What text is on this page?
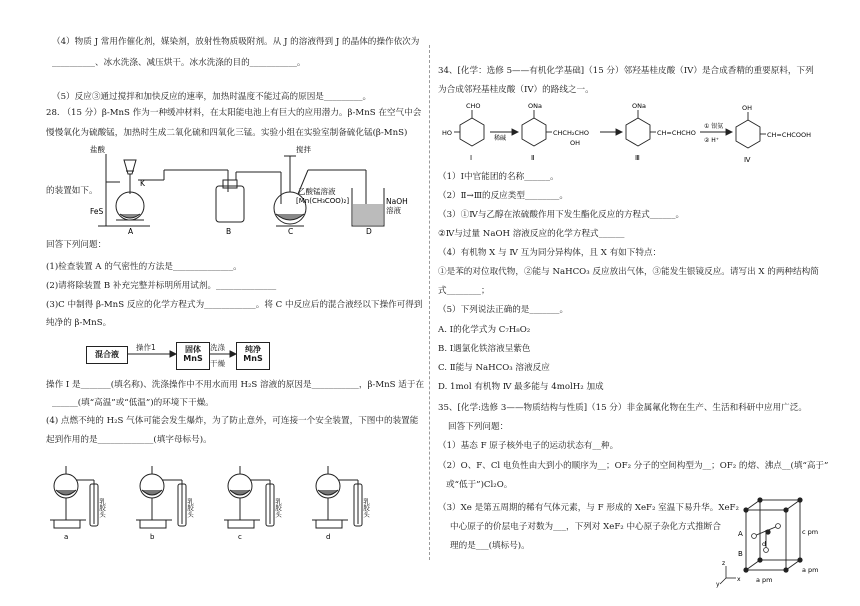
（4）物质 J 常用作催化剂，媒染剂，放射性物质吸附剂。从 J 的溶液得到 J 的晶体的操作依次为
__________、冰水洗涤、减压烘干。冰水洗涤的目的___________。
（5）反应③通过搅拌和加快反应的速率，加热时温度不能过高的原因是_________。
28. （15 分）β-MnS 作为一种缓冲材料，在太阳能电池上有巨大的应用潜力。β-MnS 在空气中会
慢慢氧化为硫酸锰，加热时生成二氧化硫和四氧化三锰。实验小组在实验室制备硫化锰(β-MnS)
的装置如下。
盐酸
K
FeS
A	B
搅拌
乙酸锰溶液
[Mn(CH₃COO)₂]
C
NaOH
溶液
D
回答下列问题：
(1)检查装置 A 的气密性的方法是______________。
(2)请将除装置 B 补充完整并标明所用试剂。______________
(3)C 中制得 β-MnS 反应的化学方程式为____________。将 C 中反应后的混合液经以下操作可得到
纯净的 β-MnS。
混合液
操作1	洗涤
干燥
固体 MnS
纯净 MnS
操作 I 是_______(填名称)、洗涤操作中不用水而用 H₂S 溶液的原因是___________，β-MnS 适于在
______(填“高温”或“低温”)的环境下干燥。
(4) 点燃不纯的 H₂S 气体可能会发生爆炸，为了防止意外，可连接一个安全装置，下图中的装置能
起到作用的是_____________(填字母标号)。
乳胶头	乳胶头	乳胶头	乳胶头
a	b	c	d
34、[化学：选修 5——有机化学基础]（15 分）邻羟基桂皮酸（IV）是合成香精的重要原料，下列
为合成邻羟基桂皮酸（IV）的路线之一。
CHO
HO
稀碱
ONa
CHCH₂CHO
OH
ONa
CH=CHCHO
① 银氨
② H⁺
OH
CH=CHCOOH
Ⅰ	Ⅱ	Ⅲ	Ⅳ
（1）Ⅰ中官能团的名称______。
（2）Ⅱ→Ⅲ的反应类型________。
（3）①Ⅳ与乙醇在浓硫酸作用下发生酯化反应的方程式______。
②Ⅳ与过量 NaOH 溶液反应的化学方程式______
（4）有机物 X 与 Ⅳ 互为同分异构体，且 X 有如下特点：
①是苯的对位取代物，②能与 NaHCO₃ 反应放出气体，③能发生银镜反应。请写出 X 的两种结构简
式________；
（5）下列说法正确的是_______。
A. Ⅰ的化学式为 C₇H₈O₂
B. Ⅰ遇氯化铁溶液呈紫色
C. Ⅱ能与 NaHCO₃ 溶液反应
D. 1mol 有机物 Ⅳ 最多能与 4molH₂ 加成
35、[化学:选修 3——物质结构与性质]（15 分）非金属氟化物在生产、生活和科研中应用广泛。
回答下列问题：
（1）基态 F 原子核外电子的运动状态有__种。
（2）O、F、Cl 电负性由大到小的顺序为__；OF₂ 分子的空间构型为__；OF₂ 的熔、沸点__(填“高于”
或“低于”)Cl₂O。
（3）Xe 是第五周期的稀有气体元素，与 F 形成的 XeF₂ 室温下易升华。XeF₂
中心原子的价层电子对数为___，下列对 XeF₂ 中心原子杂化方式推断合
理的是___(填标号)。
A
B
d
c pm
a pm
a pm
x
y
z
